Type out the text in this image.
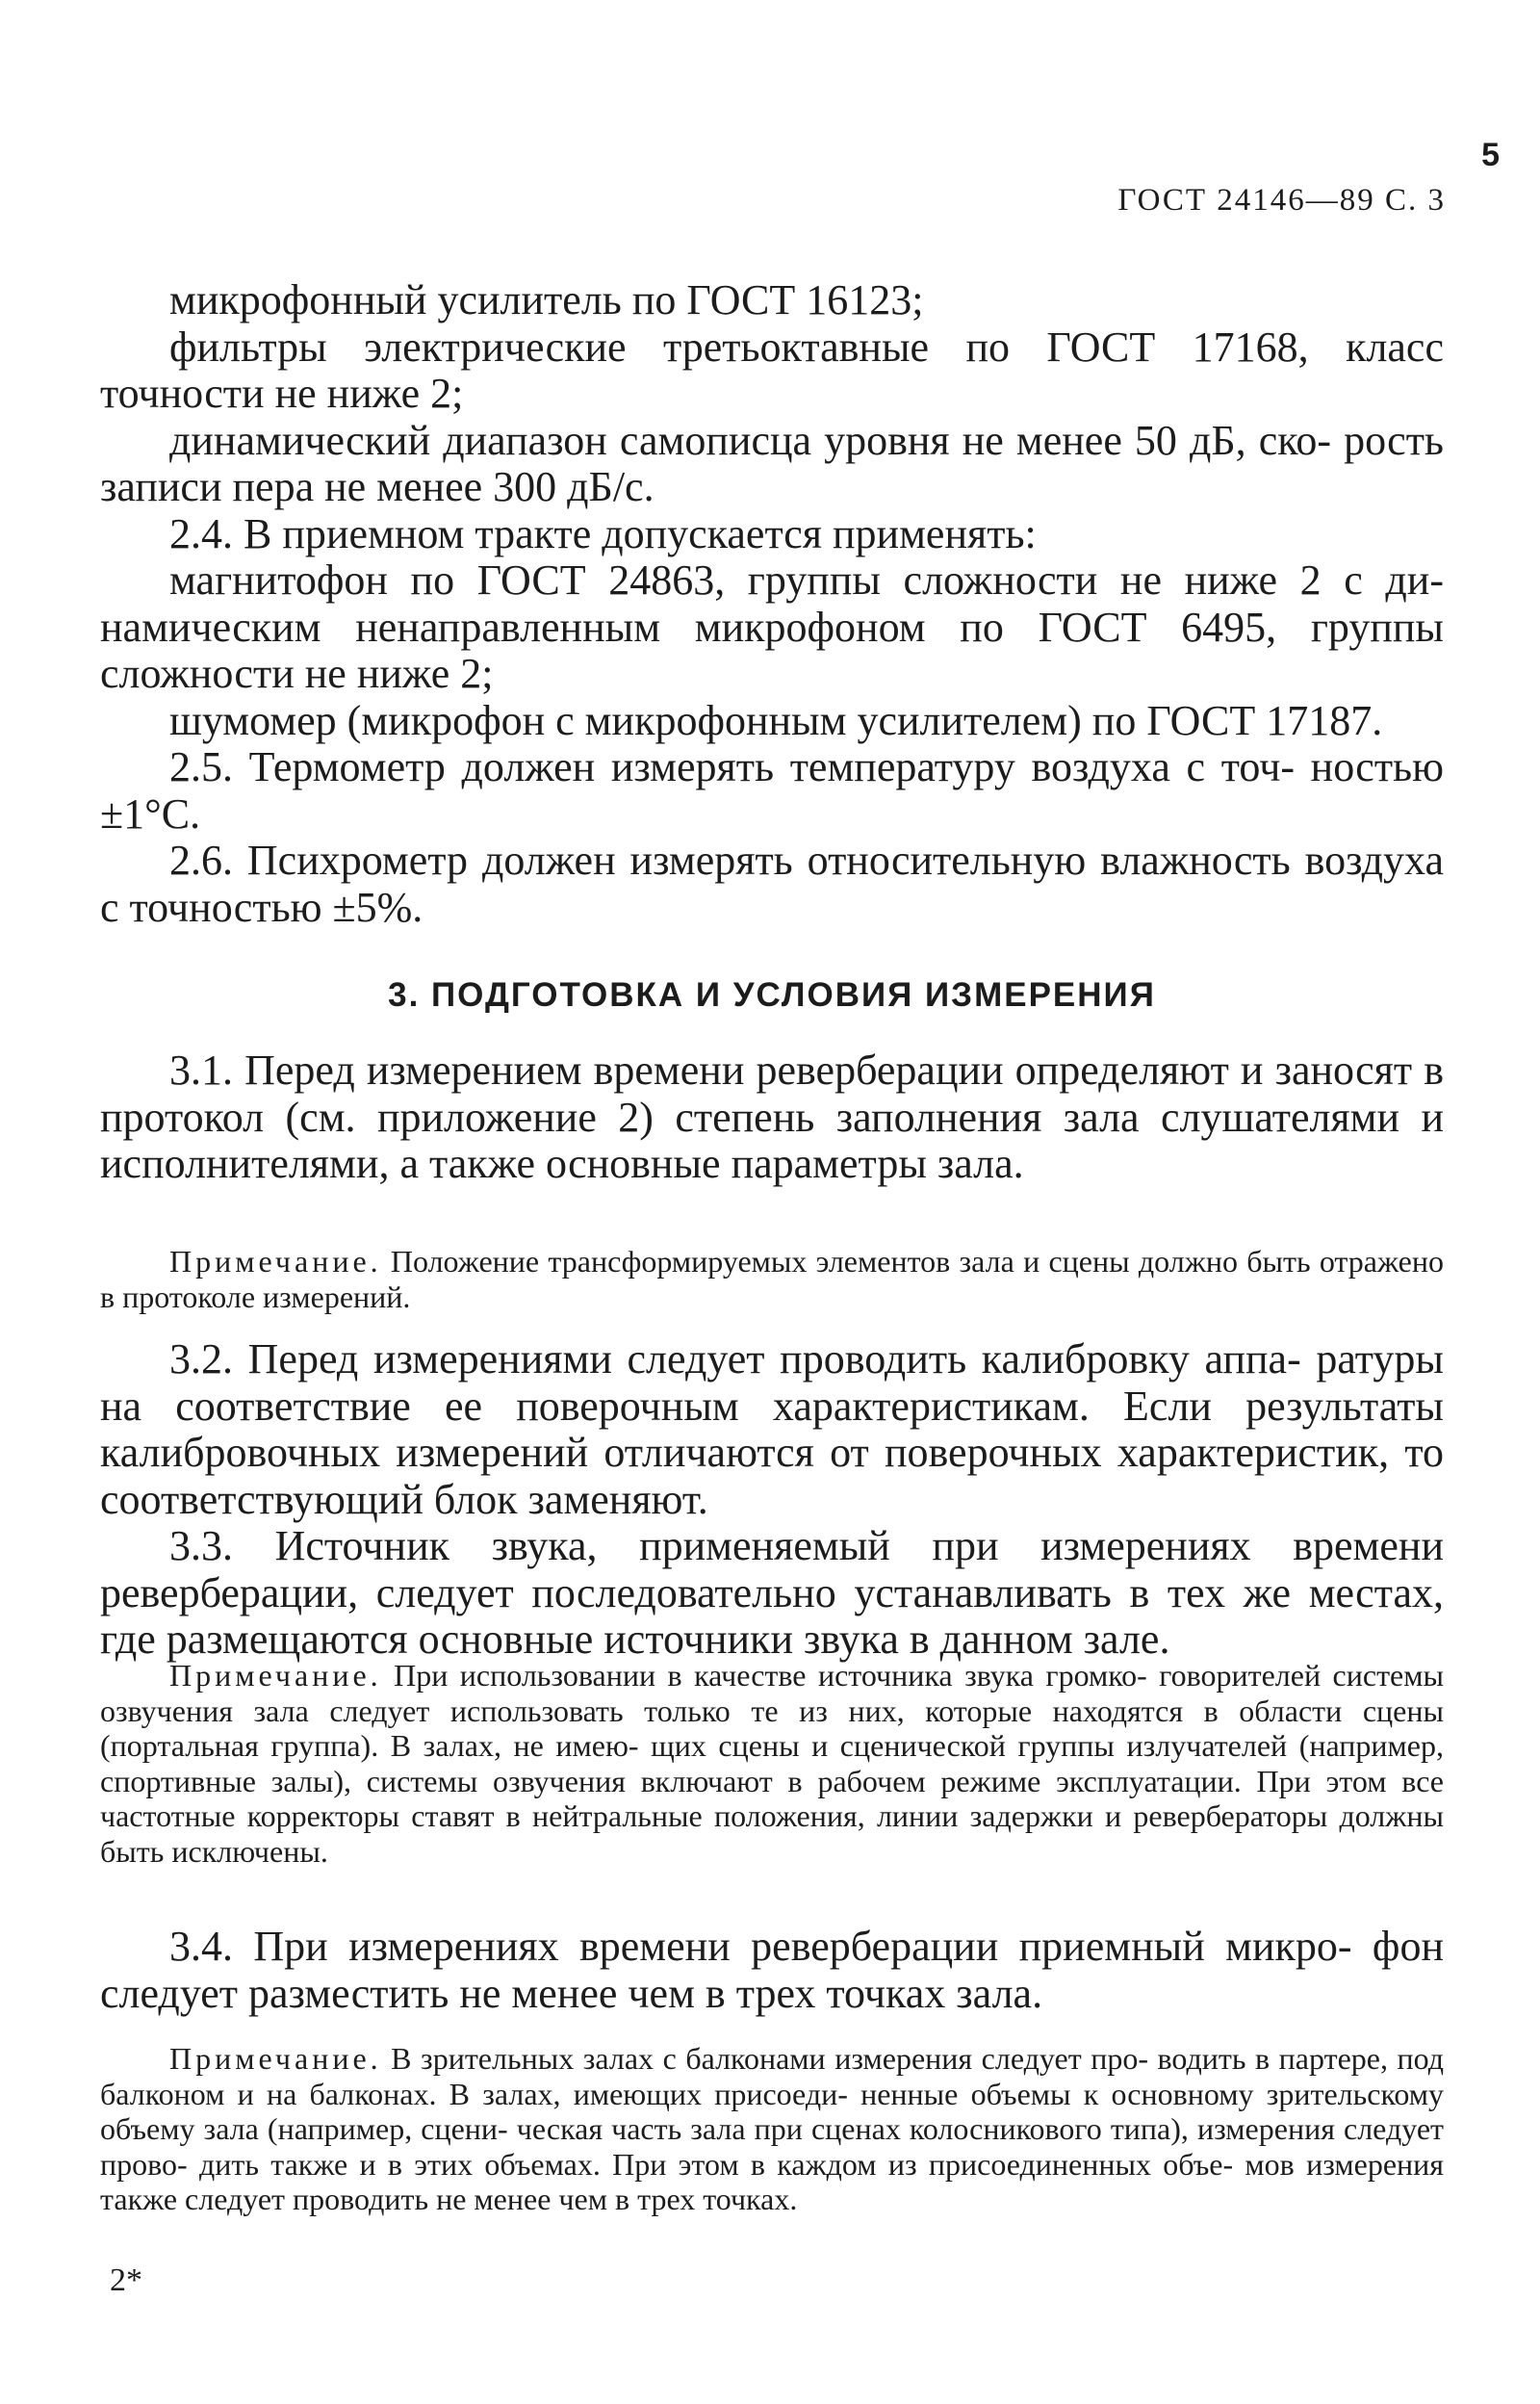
5
ГОСТ 24146—89 С. 3

микрофонный усилитель по ГОСТ 16123;

фильтры электрические третьоктавные по ГОСТ 17168, класс точности не ниже 2;

динамический диапазон самописца уровня не менее 50 дБ, ско- рость записи пера не менее 300 дБ/с.

2.4. В приемном тракте допускается применять:

магнитофон по ГОСТ 24863, группы сложности не ниже 2 с ди- намическим ненаправленным микрофоном по ГОСТ 6495, группы сложности не ниже 2;

шумомер (микрофон с микрофонным усилителем) по ГОСТ 17187.

2.5. Термометр должен измерять температуру воздуха с точ- ностью ±1°С.

2.6. Психрометр должен измерять относительную влажность воздуха с точностью ±5%.

3. ПОДГОТОВКА И УСЛОВИЯ ИЗМЕРЕНИЯ

3.1. Перед измерением времени реверберации определяют и заносят в протокол (см. приложение 2) степень заполнения зала слушателями и исполнителями, а также основные параметры зала.

Примечание. Положение трансформируемых элементов зала и сцены должно быть отражено в протоколе измерений.

3.2. Перед измерениями следует проводить калибровку аппа- ратуры на соответствие ее поверочным характеристикам. Если результаты калибровочных измерений отличаются от поверочных характеристик, то соответствующий блок заменяют.

3.3. Источник звука, применяемый при измерениях времени реверберации, следует последовательно устанавливать в тех же местах, где размещаются основные источники звука в данном зале.

Примечание. При использовании в качестве источника звука громко- говорителей системы озвучения зала следует использовать только те из них, которые находятся в области сцены (портальная группа). В залах, не имею- щих сцены и сценической группы излучателей (например, спортивные залы), системы озвучения включают в рабочем режиме эксплуатации. При этом все частотные корректоры ставят в нейтральные положения, линии задержки и ревербераторы должны быть исключены.

3.4. При измерениях времени реверберации приемный микро- фон следует разместить не менее чем в трех точках зала.

Примечание. В зрительных залах с балконами измерения следует про- водить в партере, под балконом и на балконах. В залах, имеющих присоеди- ненные объемы к основному зрительскому объему зала (например, сцени- ческая часть зала при сценах колосникового типа), измерения следует прово- дить также и в этих объемах. При этом в каждом из присоединенных объе- мов измерения также следует проводить не менее чем в трех точках.

2*
